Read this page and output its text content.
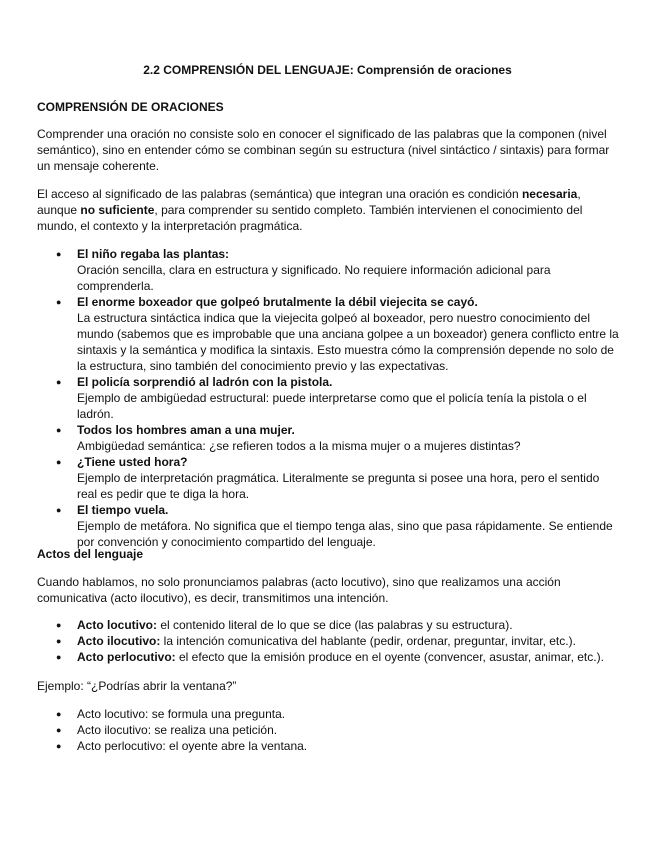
2.2 COMPRENSIÓN DEL LENGUAJE: Comprensión de oraciones
COMPRENSIÓN DE ORACIONES

Comprender una oración no consiste solo en conocer el significado de las palabras que la componen (nivel semántico), sino en entender cómo se combinan según su estructura (nivel sintáctico / sintaxis) para formar un mensaje coherente.

El acceso al significado de las palabras (semántica) que integran una oración es condición necesaria, aunque no suficiente, para comprender su sentido completo. También intervienen el conocimiento del mundo, el contexto y la interpretación pragmática.

● El niño regaba las plantas:
Oración sencilla, clara en estructura y significado. No requiere información adicional para comprenderla.
● El enorme boxeador que golpeó brutalmente la débil viejecita se cayó.
La estructura sintáctica indica que la viejecita golpeó al boxeador, pero nuestro conocimiento del mundo (sabemos que es improbable que una anciana golpee a un boxeador) genera conflicto entre la sintaxis y la semántica y modifica la sintaxis. Esto muestra cómo la comprensión depende no solo de la estructura, sino también del conocimiento previo y las expectativas.
● El policía sorprendió al ladrón con la pistola.
Ejemplo de ambigüedad estructural: puede interpretarse como que el policía tenía la pistola o el ladrón.
● Todos los hombres aman a una mujer.
Ambigüedad semántica: ¿se refieren todos a la misma mujer o a mujeres distintas?
● ¿Tiene usted hora?
Ejemplo de interpretación pragmática. Literalmente se pregunta si posee una hora, pero el sentido real es pedir que te diga la hora.
● El tiempo vuela.
Ejemplo de metáfora. No significa que el tiempo tenga alas, sino que pasa rápidamente. Se entiende por convención y conocimiento compartido del lenguaje.
Actos del lenguaje

Cuando hablamos, no solo pronunciamos palabras (acto locutivo), sino que realizamos una acción comunicativa (acto ilocutivo), es decir, transmitimos una intención.

● Acto locutivo: el contenido literal de lo que se dice (las palabras y su estructura).
● Acto ilocutivo: la intención comunicativa del hablante (pedir, ordenar, preguntar, invitar, etc.).
● Acto perlocutivo: el efecto que la emisión produce en el oyente (convencer, asustar, animar, etc.).

Ejemplo: “¿Podrías abrir la ventana?”

● Acto locutivo: se formula una pregunta.
● Acto ilocutivo: se realiza una petición.
● Acto perlocutivo: el oyente abre la ventana.
